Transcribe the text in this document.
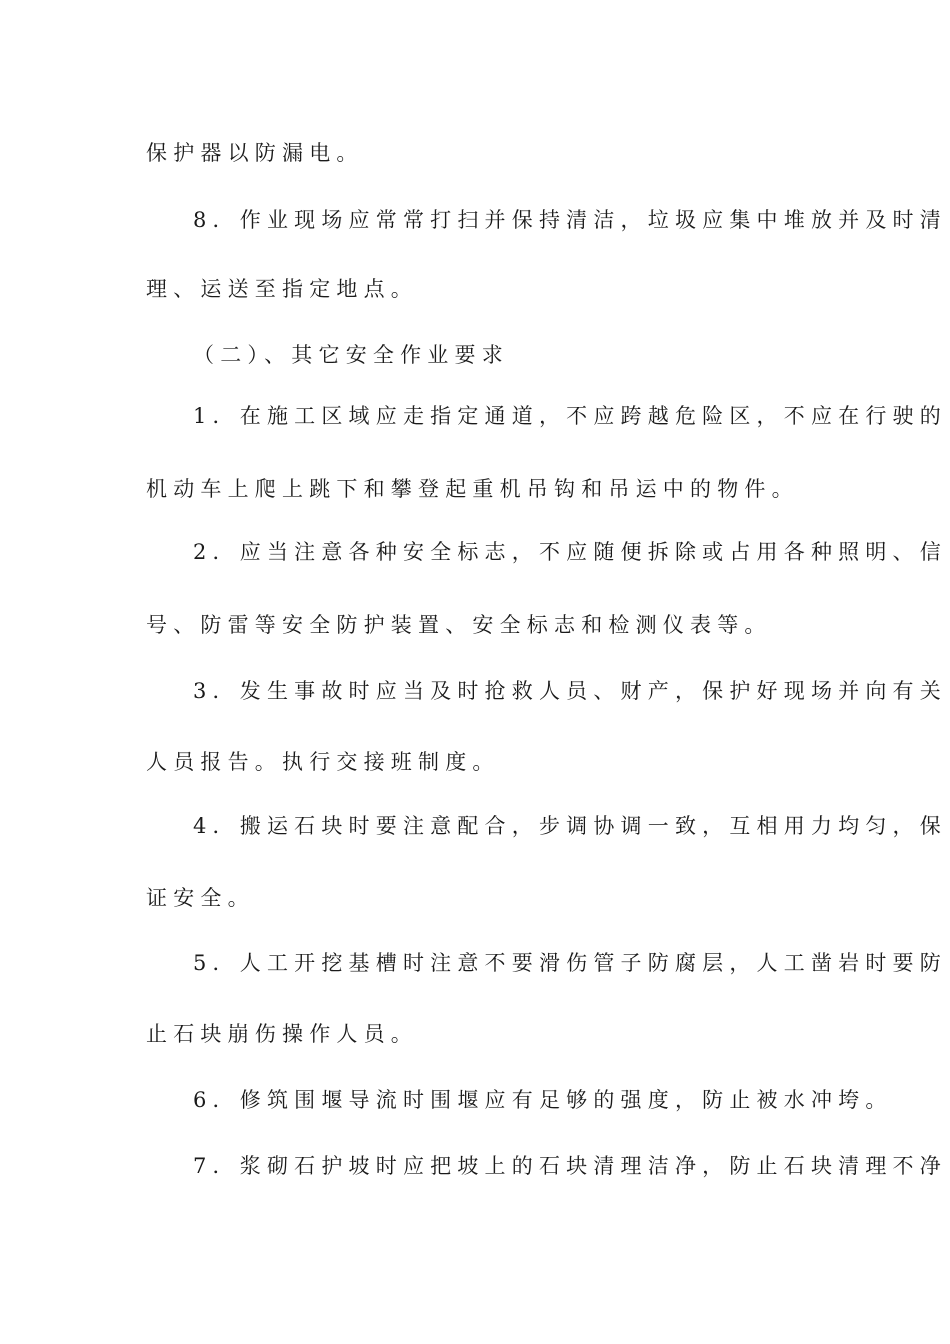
保护器以防漏电。
8．作业现场应常常打扫并保持清洁，垃圾应集中堆放并及时清
理、运送至指定地点。
（二）、其它安全作业要求
1．在施工区域应走指定通道，不应跨越危险区，不应在行驶的
机动车上爬上跳下和攀登起重机吊钩和吊运中的物件。
2．应当注意各种安全标志，不应随便拆除或占用各种照明、信
号、防雷等安全防护装置、安全标志和检测仪表等。
3．发生事故时应当及时抢救人员、财产，保护好现场并向有关
人员报告。执行交接班制度。
4．搬运石块时要注意配合，步调协调一致，互相用力均匀，保
证安全。
5．人工开挖基槽时注意不要滑伤管子防腐层，人工凿岩时要防
止石块崩伤操作人员。
6．修筑围堰导流时围堰应有足够的强度，防止被水冲垮。
7．浆砌石护坡时应把坡上的石块清理洁净，防止石块清理不净
